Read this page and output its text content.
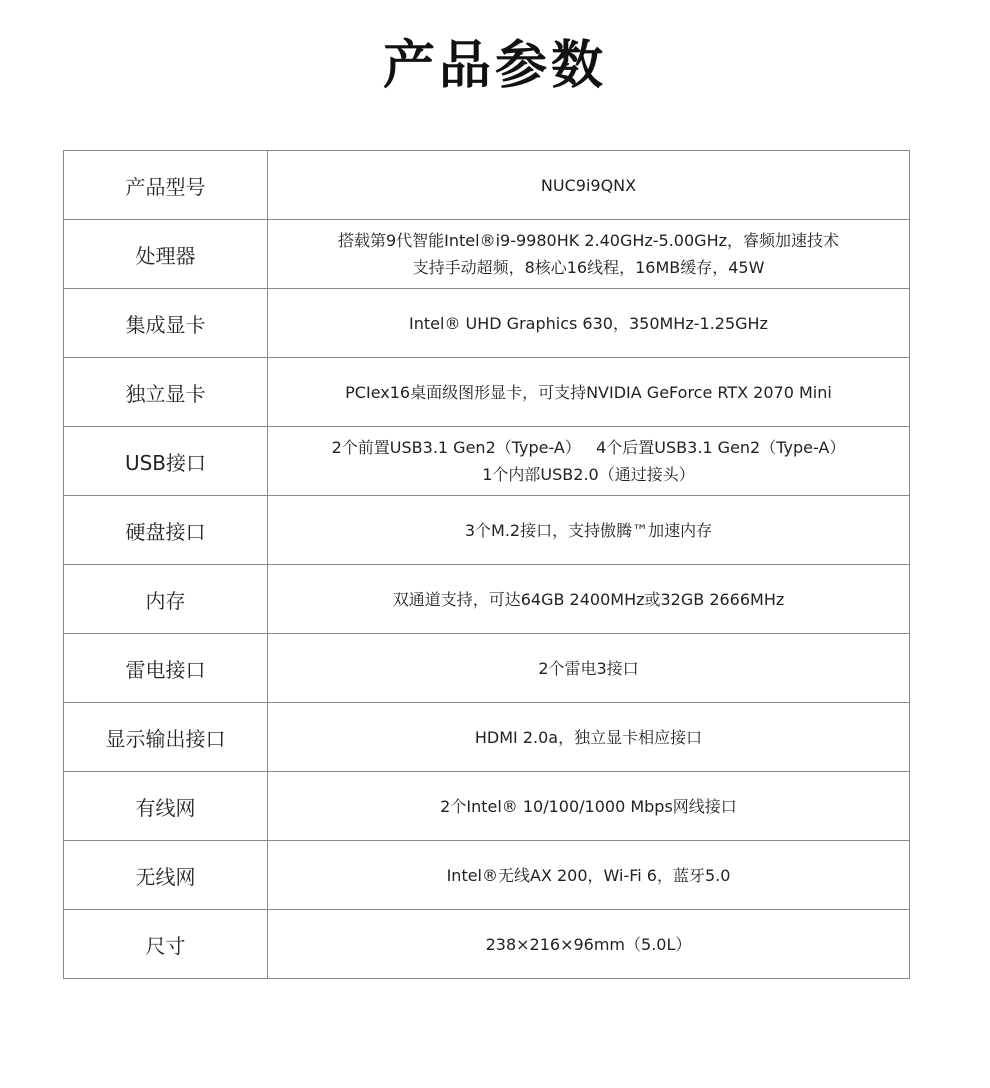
产品参数
产品型号	NUC9i9QNX

处理器	搭载第9代智能Intel®i9-9980HK 2.40GHz-5.00GHz，睿频加速技术
支持手动超频，8核心16线程，16MB缓存，45W

集成显卡	Intel® UHD Graphics 630，350MHz-1.25GHz

独立显卡	PCIex16桌面级图形显卡，可支持NVIDIA GeForce RTX 2070 Mini

USB接口	2个前置USB3.1 Gen2（Type-A）   4个后置USB3.1 Gen2（Type-A）
1个内部USB2.0（通过接头）

硬盘接口	3个M.2接口，支持傲腾™加速内存

内存	双通道支持，可达64GB 2400MHz或32GB 2666MHz

雷电接口	2个雷电3接口

显示输出接口	HDMI 2.0a，独立显卡相应接口

有线网	2个Intel® 10/100/1000 Mbps网线接口

无线网	Intel®无线AX 200，Wi-Fi 6，蓝牙5.0

尺寸	238×216×96mm（5.0L）
